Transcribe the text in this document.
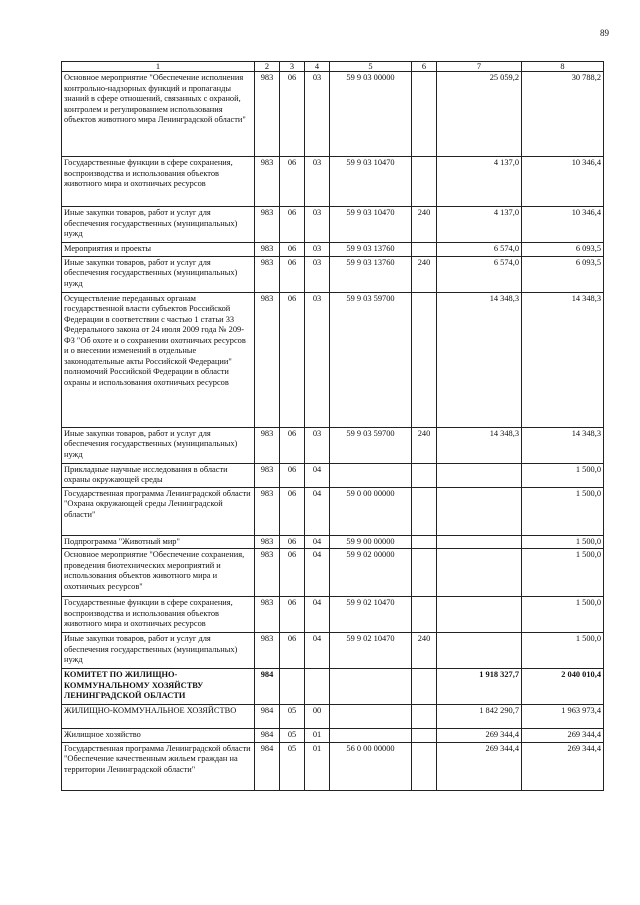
89
1	2	3	4	5	6	7	8
Основное мероприятие "Обеспечение исполнения контрольно-надзорных функций и пропаганды знаний в сфере отношений, связанных с охраной, контролем и регулированием использования объектов животного мира Ленинградской области"	983	06	03	59 9 03 00000		25 059,2	30 788,2
Государственные функции в сфере сохранения, воспроизводства и использования объектов животного мира и охотничьих ресурсов	983	06	03	59 9 03 10470		4 137,0	10 346,4
Иные закупки товаров, работ и услуг для обеспечения государственных (муниципальных) нужд	983	06	03	59 9 03 10470	240	4 137,0	10 346,4
Мероприятия и проекты	983	06	03	59 9 03 13760		6 574,0	6 093,5
Иные закупки товаров, работ и услуг для обеспечения государственных (муниципальных) нужд	983	06	03	59 9 03 13760	240	6 574,0	6 093,5
Осуществление переданных органам государственной власти субъектов Российской Федерации в соответствии с частью 1 статьи 33 Федерального закона от 24 июля 2009 года № 209-ФЗ "Об охоте и о сохранении охотничьих ресурсов и о внесении изменений в отдельные законодательные акты Российской Федерации" полномочий Российской Федерации в области охраны и использования охотничьих ресурсов	983	06	03	59 9 03 59700		14 348,3	14 348,3
Иные закупки товаров, работ и услуг для обеспечения государственных (муниципальных) нужд	983	06	03	59 9 03 59700	240	14 348,3	14 348,3
Прикладные научные исследования в области охраны окружающей среды	983	06	04				1 500,0
Государственная программа Ленинградской области "Охрана окружающей среды Ленинградской области"	983	06	04	59 0 00 00000			1 500,0
Подпрограмма "Животный мир"	983	06	04	59 9 00 00000			1 500,0
Основное мероприятие "Обеспечение сохранения, проведения биотехнических мероприятий и использования объектов животного мира и охотничьих ресурсов"	983	06	04	59 9 02 00000			1 500,0
Государственные функции в сфере сохранения, воспроизводства и использования объектов животного мира и охотничьих ресурсов	983	06	04	59 9 02 10470			1 500,0
Иные закупки товаров, работ и услуг для обеспечения государственных (муниципальных) нужд	983	06	04	59 9 02 10470	240		1 500,0
КОМИТЕТ ПО ЖИЛИЩНО-КОММУНАЛЬНОМУ ХОЗЯЙСТВУ ЛЕНИНГРАДСКОЙ ОБЛАСТИ	984					1 918 327,7	2 040 010,4
ЖИЛИЩНО-КОММУНАЛЬНОЕ ХОЗЯЙСТВО	984	05	00			1 842 290,7	1 963 973,4
Жилищное хозяйство	984	05	01			269 344,4	269 344,4
Государственная программа Ленинградской области "Обеспечение качественным жильем граждан на территории Ленинградской области"	984	05	01	56 0 00 00000		269 344,4	269 344,4
